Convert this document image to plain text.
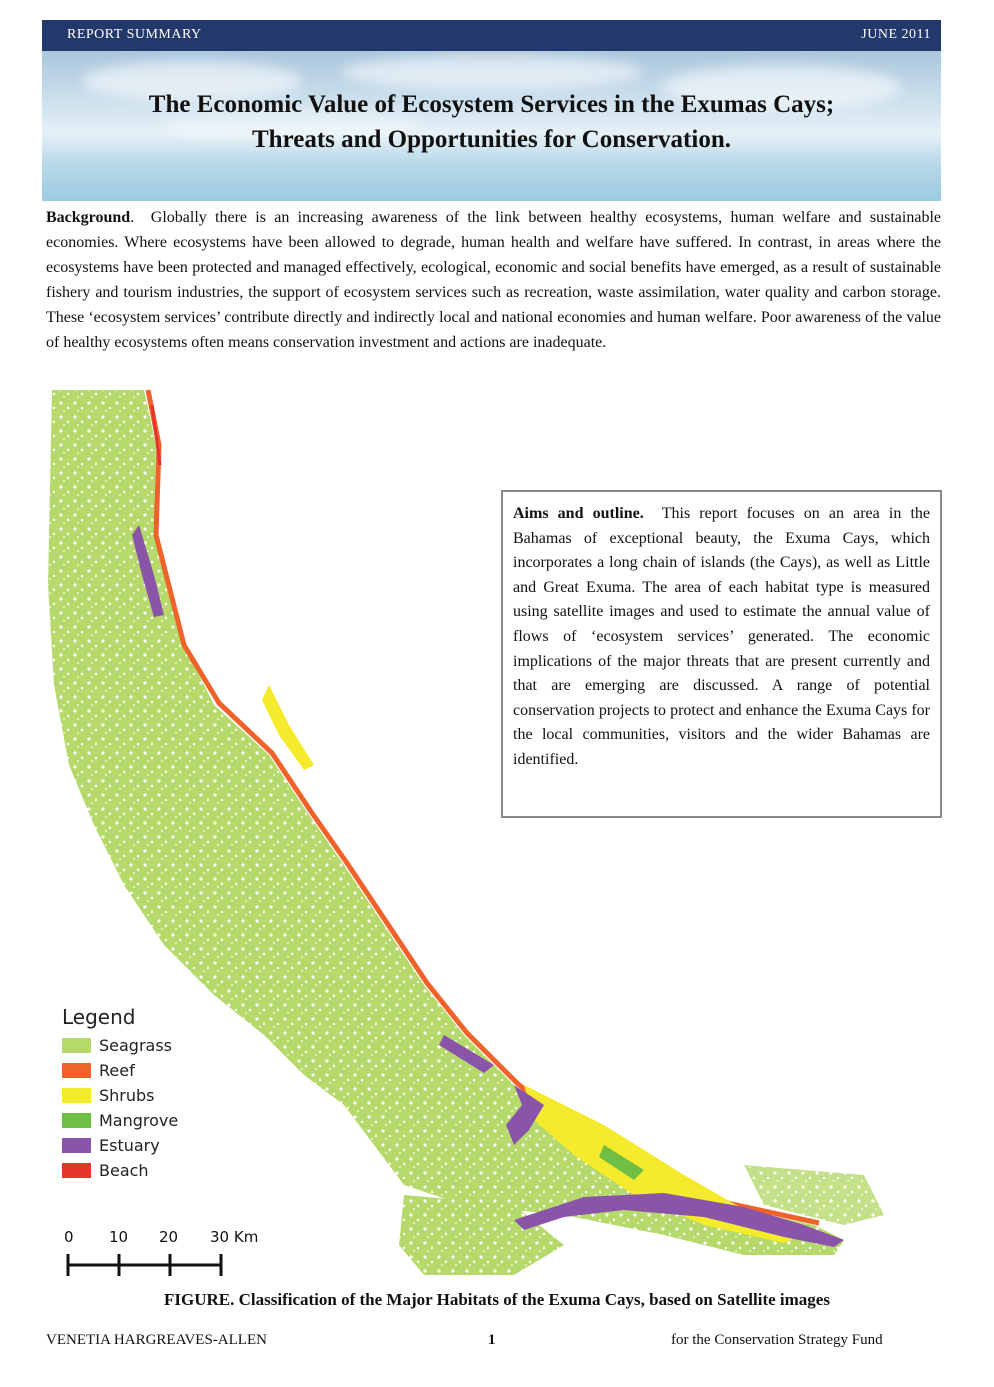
REPORT SUMMARY	JUNE 2011
The Economic Value of Ecosystem Services in the Exumas Cays;
Threats and Opportunities for Conservation.

Background.  Globally there is an increasing awareness of the link between healthy ecosystems, human welfare and sustainable economies. Where ecosystems have been allowed to degrade, human health and welfare have suffered. In contrast, in areas where the ecosystems have been protected and managed effectively, ecological, economic and social benefits have emerged, as a result of sustainable fishery and tourism industries, the support of ecosystem services such as recreation, waste assimilation, water quality and carbon storage. These ‘ecosystem services’ contribute directly and indirectly local and national economies and human welfare. Poor awareness of the value of healthy ecosystems often means conservation investment and actions are inadequate.

Aims and outline. This report focuses on an area in the Bahamas of exceptional beauty, the Exuma Cays, which incorporates a long chain of islands (the Cays), as well as Little and Great Exuma. The area of each habitat type is measured using satellite images and used to estimate the annual value of flows of ‘ecosystem services’ generated. The economic implications of the major threats that are present currently and that are emerging are discussed. A range of potential conservation projects to protect and enhance the Exuma Cays for the local communities, visitors and the wider Bahamas are identified.

Legend
Seagrass
Reef
Shrubs
Mangrove
Estuary
Beach
0 10 20 30 Km
FIGURE. Classification of the Major Habitats of the Exuma Cays, based on Satellite images
VENETIA HARGREAVES-ALLEN	1	for the Conservation Strategy Fund
